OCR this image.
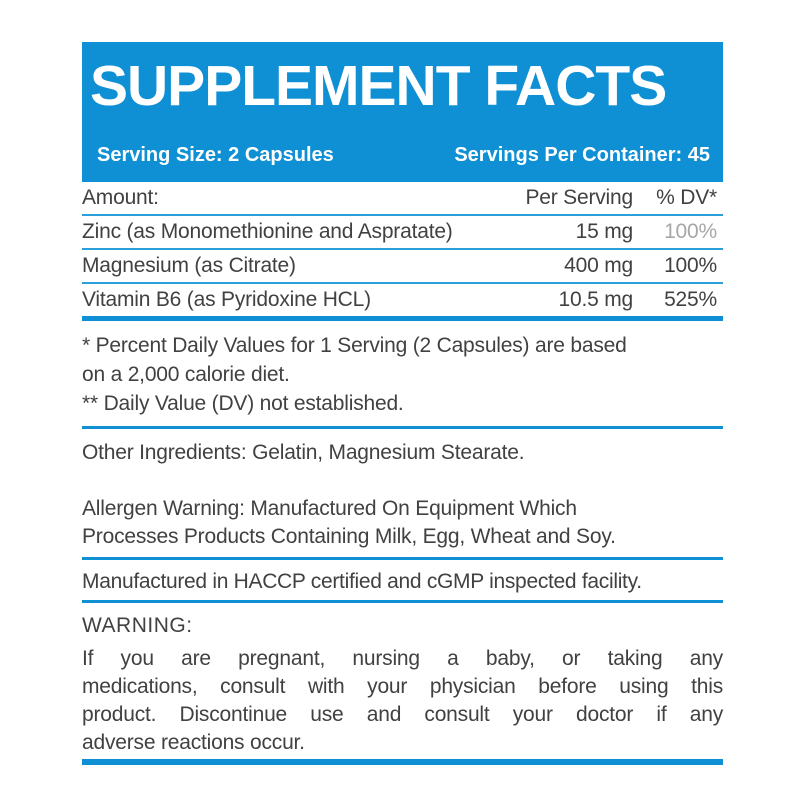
SUPPLEMENT FACTS
Serving Size: 2 Capsules	Servings Per Container: 45
Amount:	Per Serving	% DV*
Zinc (as Monomethionine and Aspratate)	15 mg	100%
Magnesium (as Citrate)	400 mg	100%
Vitamin B6 (as Pyridoxine HCL)	10.5 mg	525%
* Percent Daily Values for 1 Serving (2 Capsules) are based
on a 2,000 calorie diet.
** Daily Value (DV) not established.
Other Ingredients: Gelatin, Magnesium Stearate.
Allergen Warning: Manufactured On Equipment Which
Processes Products Containing Milk, Egg, Wheat and Soy.
Manufactured in HACCP certified and cGMP inspected facility.
WARNING:
If you are pregnant, nursing a baby, or taking any
medications, consult with your physician before using this
product. Discontinue use and consult your doctor if any
adverse reactions occur.
